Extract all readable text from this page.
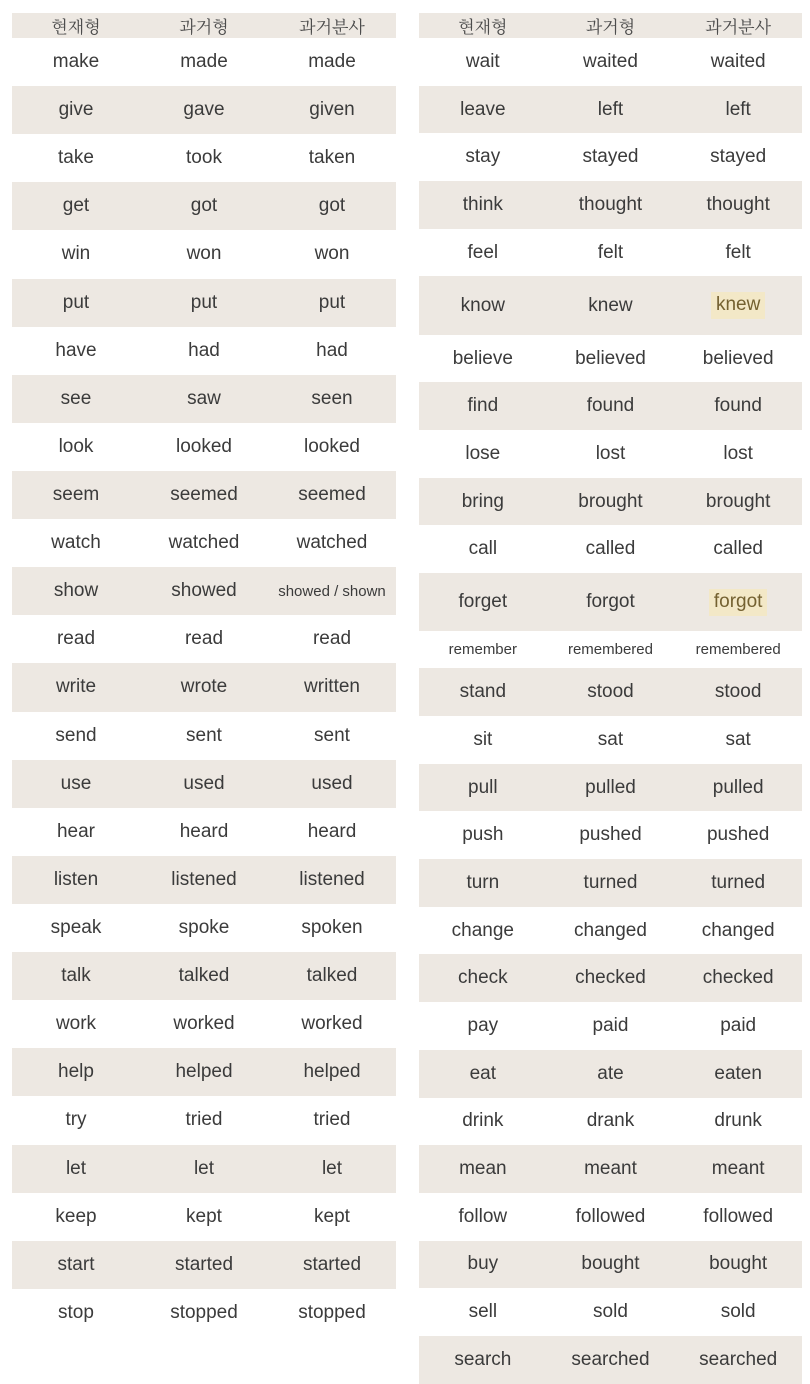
현재형	과거형	과거분사
make	made	made
give	gave	given
take	took	taken
get	got	got
win	won	won
put	put	put
have	had	had
see	saw	seen
look	looked	looked
seem	seemed	seemed
watch	watched	watched
show	showed	showed / shown
read	read	read
write	wrote	written
send	sent	sent
use	used	used
hear	heard	heard
listen	listened	listened
speak	spoke	spoken
talk	talked	talked
work	worked	worked
help	helped	helped
try	tried	tried
let	let	let
keep	kept	kept
start	started	started
stop	stopped	stopped
현재형	과거형	과거분사
wait	waited	waited
leave	left	left
stay	stayed	stayed
think	thought	thought
feel	felt	felt
know	knew	knew
believe	believed	believed
find	found	found
lose	lost	lost
bring	brought	brought
call	called	called
forget	forgot	forgot
remember	remembered	remembered
stand	stood	stood
sit	sat	sat
pull	pulled	pulled
push	pushed	pushed
turn	turned	turned
change	changed	changed
check	checked	checked
pay	paid	paid
eat	ate	eaten
drink	drank	drunk
mean	meant	meant
follow	followed	followed
buy	bought	bought
sell	sold	sold
search	searched	searched
